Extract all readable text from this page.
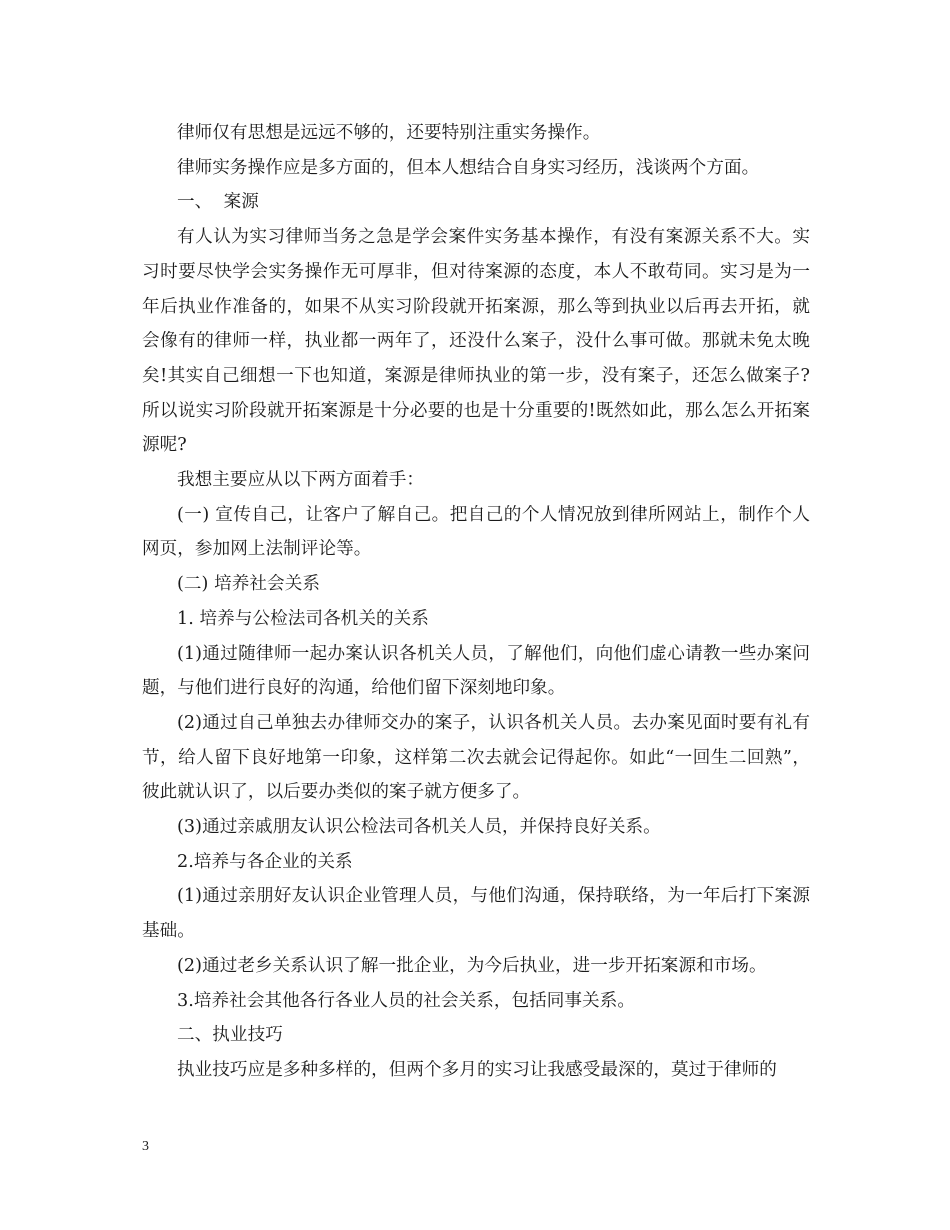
律师仅有思想是远远不够的，还要特别注重实务操作。

律师实务操作应是多方面的，但本人想结合自身实习经历，浅谈两个方面。

一、  案源

有人认为实习律师当务之急是学会案件实务基本操作，有没有案源关系不大。实习时要尽快学会实务操作无可厚非，但对待案源的态度，本人不敢苟同。实习是为一年后执业作准备的，如果不从实习阶段就开拓案源，那么等到执业以后再去开拓，就会像有的律师一样，执业都一两年了，还没什么案子，没什么事可做。那就未免太晚矣!其实自己细想一下也知道，案源是律师执业的第一步，没有案子，还怎么做案子?所以说实习阶段就开拓案源是十分必要的也是十分重要的!既然如此，那么怎么开拓案源呢?

我想主要应从以下两方面着手：

(一) 宣传自己，让客户了解自己。把自己的个人情况放到律所网站上，制作个人网页，参加网上法制评论等。

(二) 培养社会关系

1. 培养与公检法司各机关的关系

(1)通过随律师一起办案认识各机关人员，了解他们，向他们虚心请教一些办案问题，与他们进行良好的沟通，给他们留下深刻地印象。

(2)通过自己单独去办律师交办的案子，认识各机关人员。去办案见面时要有礼有节，给人留下良好地第一印象，这样第二次去就会记得起你。如此“一回生二回熟”，彼此就认识了，以后要办类似的案子就方便多了。

(3)通过亲戚朋友认识公检法司各机关人员，并保持良好关系。

2.培养与各企业的关系

(1)通过亲朋好友认识企业管理人员，与他们沟通，保持联络，为一年后打下案源基础。

(2)通过老乡关系认识了解一批企业，为今后执业，进一步开拓案源和市场。

3.培养社会其他各行各业人员的社会关系，包括同事关系。

二、执业技巧

执业技巧应是多种多样的，但两个多月的实习让我感受最深的，莫过于律师的

3
